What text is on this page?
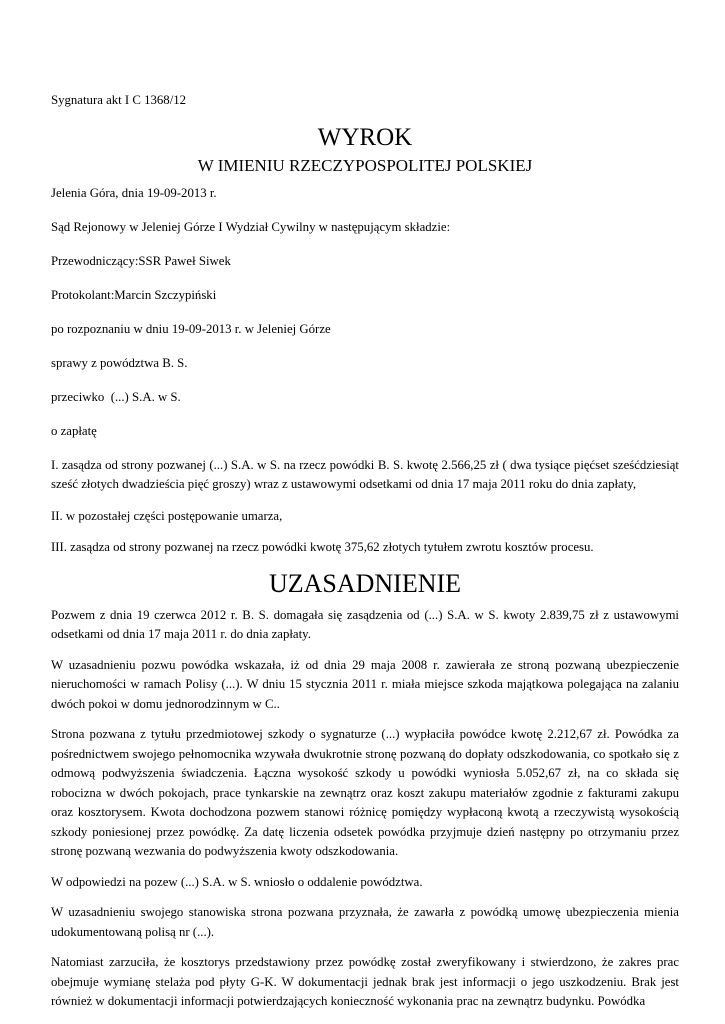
Sygnatura akt I C 1368/12
WYROK
W IMIENIU RZECZYPOSPOLITEJ POLSKIEJ
Jelenia Góra, dnia 19-09-2013 r.
Sąd Rejonowy w Jeleniej Górze I Wydział Cywilny w następującym składzie:
Przewodniczący:SSR Paweł Siwek
Protokolant:Marcin Szczypiński
po rozpoznaniu w dniu 19-09-2013 r. w Jeleniej Górze
sprawy z powództwa B. S.
przeciwko  (...) S.A. w S.
o zapłatę
I. zasądza od strony pozwanej (...) S.A. w S. na rzecz powódki B. S. kwotę 2.566,25 zł ( dwa tysiące pięćset sześćdziesiąt sześć złotych dwadzieścia pięć groszy) wraz z ustawowymi odsetkami od dnia 17 maja 2011 roku do dnia zapłaty,
II. w pozostałej części postępowanie umarza,
III. zasądza od strony pozwanej na rzecz powódki kwotę 375,62 złotych tytułem zwrotu kosztów procesu.
UZASADNIENIE

Pozwem z dnia 19 czerwca 2012 r. B. S. domagała się zasądzenia od (...) S.A. w S. kwoty 2.839,75 zł z ustawowymi odsetkami od dnia 17 maja 2011 r. do dnia zapłaty.

W uzasadnieniu pozwu powódka wskazała, iż od dnia 29 maja 2008 r. zawierała ze stroną pozwaną ubezpieczenie nieruchomości w ramach Polisy (...). W dniu 15 stycznia 2011 r. miała miejsce szkoda majątkowa polegająca na zalaniu dwóch pokoi w domu jednorodzinnym w C..

Strona pozwana z tytułu przedmiotowej szkody o sygnaturze (...) wypłaciła powódce kwotę 2.212,67 zł. Powódka za pośrednictwem swojego pełnomocnika wzywała dwukrotnie stronę pozwaną do dopłaty odszkodowania, co spotkało się z odmową podwyższenia świadczenia. Łączna wysokość szkody u powódki wyniosła 5.052,67 zł, na co składa się robocizna w dwóch pokojach, prace tynkarskie na zewnątrz oraz koszt zakupu materiałów zgodnie z fakturami zakupu oraz kosztorysem. Kwota dochodzona pozwem stanowi różnicę pomiędzy wypłaconą kwotą a rzeczywistą wysokością szkody poniesionej przez powódkę. Za datę liczenia odsetek powódka przyjmuje dzień następny po otrzymaniu przez stronę pozwaną wezwania do podwyższenia kwoty odszkodowania.

W odpowiedzi na pozew (...) S.A. w S. wniosło o oddalenie powództwa.

W uzasadnieniu swojego stanowiska strona pozwana przyznała, że zawarła z powódką umowę ubezpieczenia mienia udokumentowaną polisą nr (...).

Natomiast zarzuciła, że kosztorys przedstawiony przez powódkę został zweryfikowany i stwierdzono, że zakres prac obejmuje wymianę stelaża pod płyty G-K. W dokumentacji jednak brak jest informacji o jego uszkodzeniu. Brak jest również w dokumentacji informacji potwierdzających konieczność wykonania prac na zewnątrz budynku. Powódka
